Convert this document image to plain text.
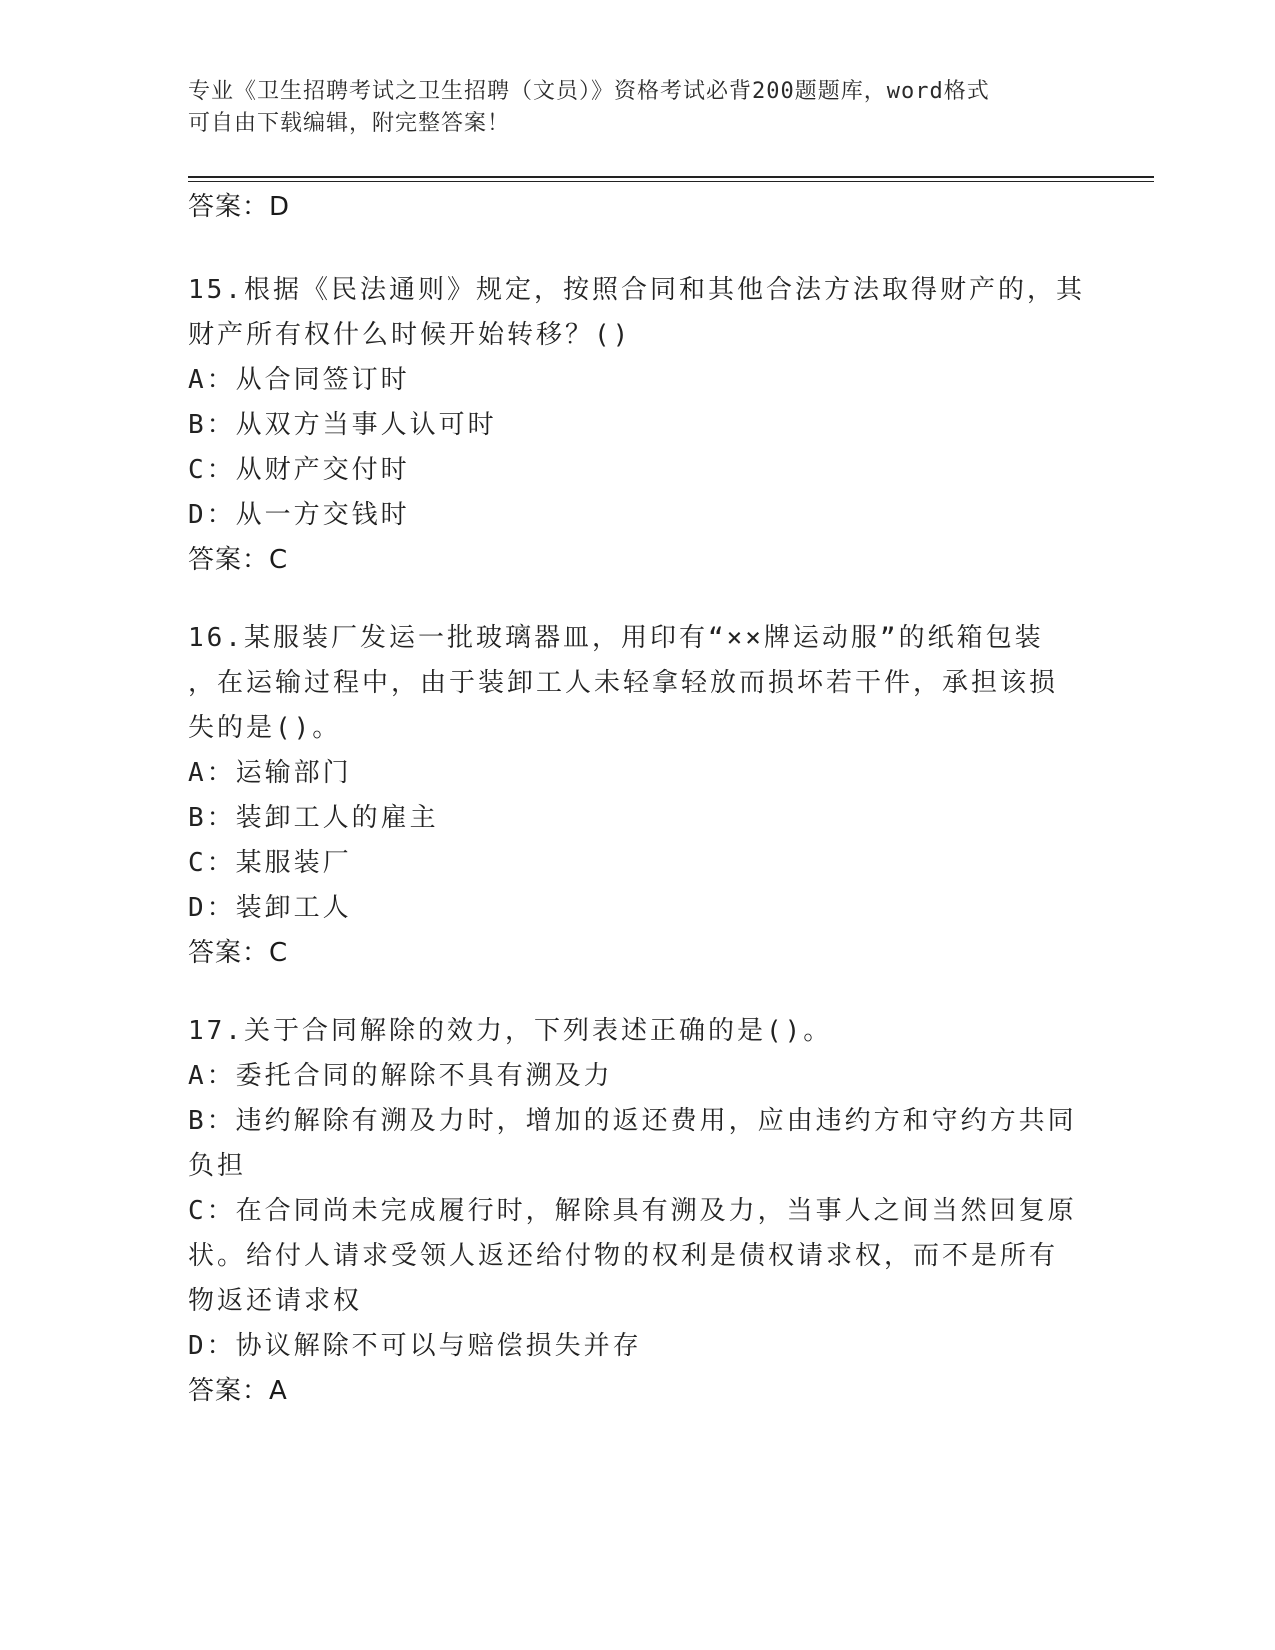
专业《卫生招聘考试之卫生招聘（文员）》资格考试必背200题题库，word格式
可自由下载编辑，附完整答案！
答案：D
15.根据《民法通则》规定，按照合同和其他合法方法取得财产的，其
财产所有权什么时候开始转移？()
A：从合同签订时
B：从双方当事人认可时
C：从财产交付时
D：从一方交钱时
答案：C
16.某服装厂发运一批玻璃器皿，用印有“××牌运动服”的纸箱包装
，在运输过程中，由于装卸工人未轻拿轻放而损坏若干件，承担该损
失的是()。
A：运输部门
B：装卸工人的雇主
C：某服装厂
D：装卸工人
答案：C
17.关于合同解除的效力，下列表述正确的是()。
A：委托合同的解除不具有溯及力
B：违约解除有溯及力时，增加的返还费用，应由违约方和守约方共同
负担
C：在合同尚未完成履行时，解除具有溯及力，当事人之间当然回复原
状。给付人请求受领人返还给付物的权利是债权请求权，而不是所有
物返还请求权
D：协议解除不可以与赔偿损失并存
答案：A
